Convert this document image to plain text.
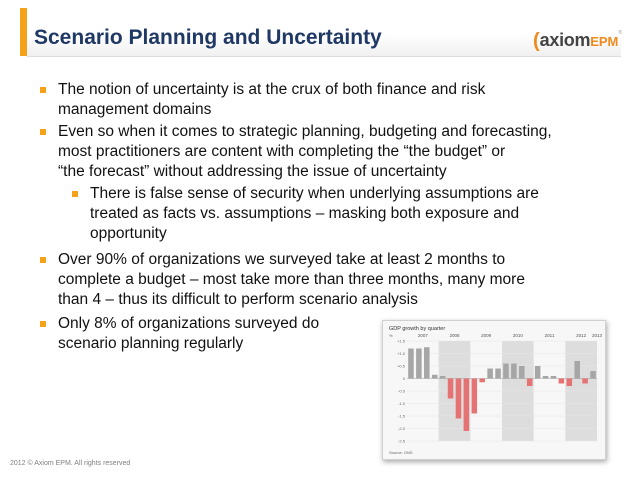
Scenario Planning and Uncertainty	(axiomEPM®
The notion of uncertainty is at the crux of both finance and risk
management domains
Even so when it comes to strategic planning, budgeting and forecasting,
most practitioners are content with completing the “the budget” or
“the forecast” without addressing the issue of uncertainty
There is false sense of security when underlying assumptions are
treated as facts vs. assumptions – masking both exposure and
opportunity
Over 90% of organizations we surveyed take at least 2 months to
complete a budget – most take more than three months, many more
than 4 – thus its difficult to perform scenario analysis
Only 8% of organizations surveyed do
scenario planning regularly
GDP growth by quarter
%
Source: ONS
2007	2008	2009	2010	2011	2012 2013
+1.5
+1.0
+0.5
0
-0.5
-1.0
-1.5
-2.0
-2.5
2012 © Axiom EPM. All rights reserved
